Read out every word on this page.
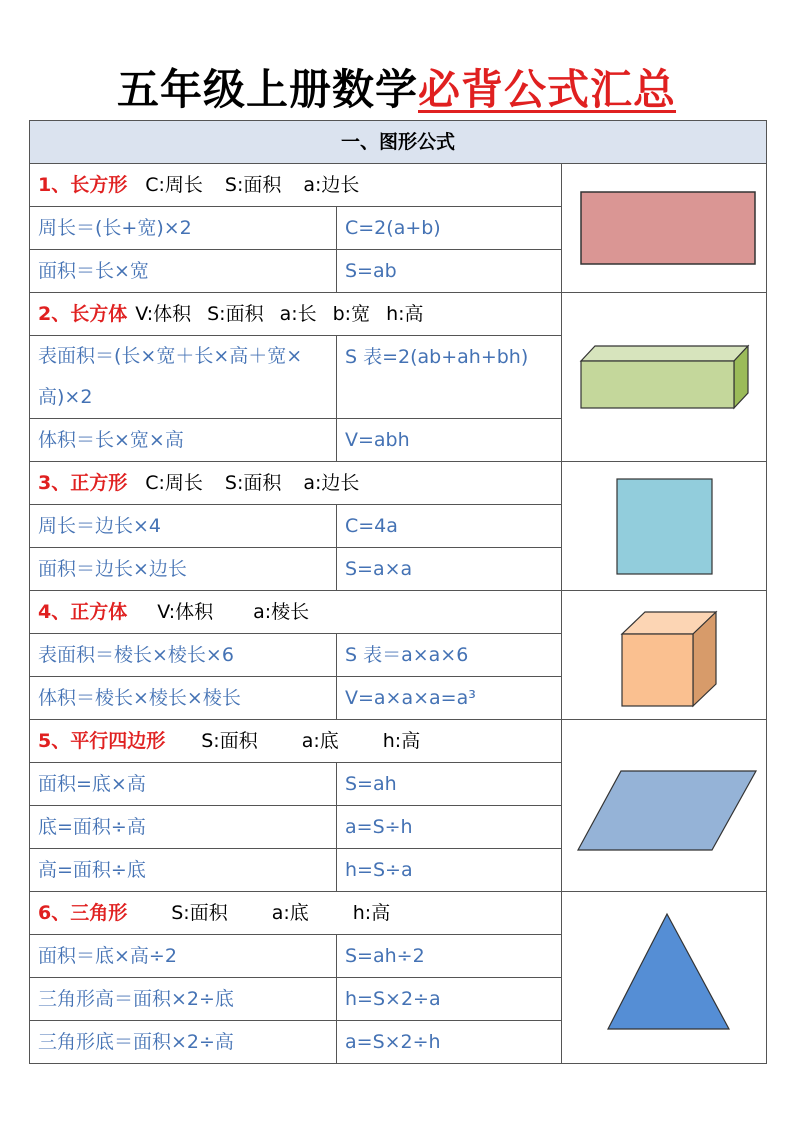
五年级上册数学必背公式汇总
一、图形公式		
1、长方形 C:周长 S:面积 a:边长	

周长＝(长+宽)×2	C=2(a+b)	
面积＝长×宽	S=ab	
2、长方体 V:体积 S:面积 a:长 b:宽 h:高	

表面积＝(长×宽＋长×高＋宽×高)×2	S 表=2(ab+ah+bh)	
体积＝长×宽×高	V=abh	
3、正方形 C:周长 S:面积 a:边长	

周长＝边长×4	C=4a	
面积＝边长×边长	S=a×a	
4、正方体 V:体积 a:棱长	

表面积＝棱长×棱长×6	S 表＝a×a×6	
体积＝棱长×棱长×棱长	V=a×a×a=a³	
5、平行四边形 S:面积 a:底 h:高	

面积=底×高	S=ah	
底=面积÷高	a=S÷h	
高=面积÷底	h=S÷a	
6、三角形 S:面积 a:底 h:高	

面积＝底×高÷2	S=ah÷2	
三角形高＝面积×2÷底	h=S×2÷a	
三角形底＝面积×2÷高	a=S×2÷h	
